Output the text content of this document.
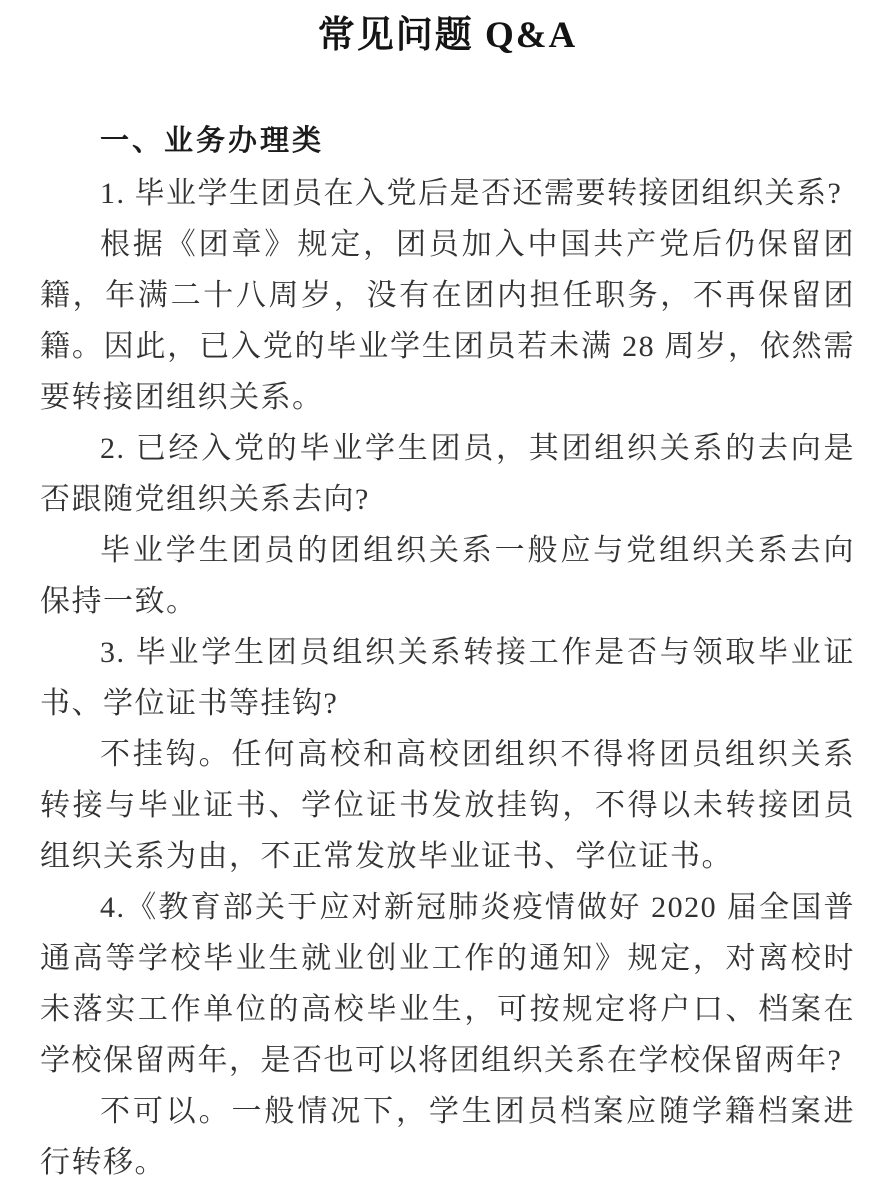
常见问题 Q&A
一、业务办理类

1. 毕业学生团员在入党后是否还需要转接团组织关系?

根据《团章》规定，团员加入中国共产党后仍保留团籍，年满二十八周岁，没有在团内担任职务，不再保留团籍。因此，已入党的毕业学生团员若未满 28 周岁，依然需要转接团组织关系。

2. 已经入党的毕业学生团员，其团组织关系的去向是否跟随党组织关系去向?

毕业学生团员的团组织关系一般应与党组织关系去向保持一致。

3. 毕业学生团员组织关系转接工作是否与领取毕业证书、学位证书等挂钩?

不挂钩。任何高校和高校团组织不得将团员组织关系转接与毕业证书、学位证书发放挂钩，不得以未转接团员组织关系为由，不正常发放毕业证书、学位证书。

4.《教育部关于应对新冠肺炎疫情做好 2020 届全国普通高等学校毕业生就业创业工作的通知》规定，对离校时未落实工作单位的高校毕业生，可按规定将户口、档案在学校保留两年，是否也可以将团组织关系在学校保留两年?

不可以。一般情况下，学生团员档案应随学籍档案进行转移。
